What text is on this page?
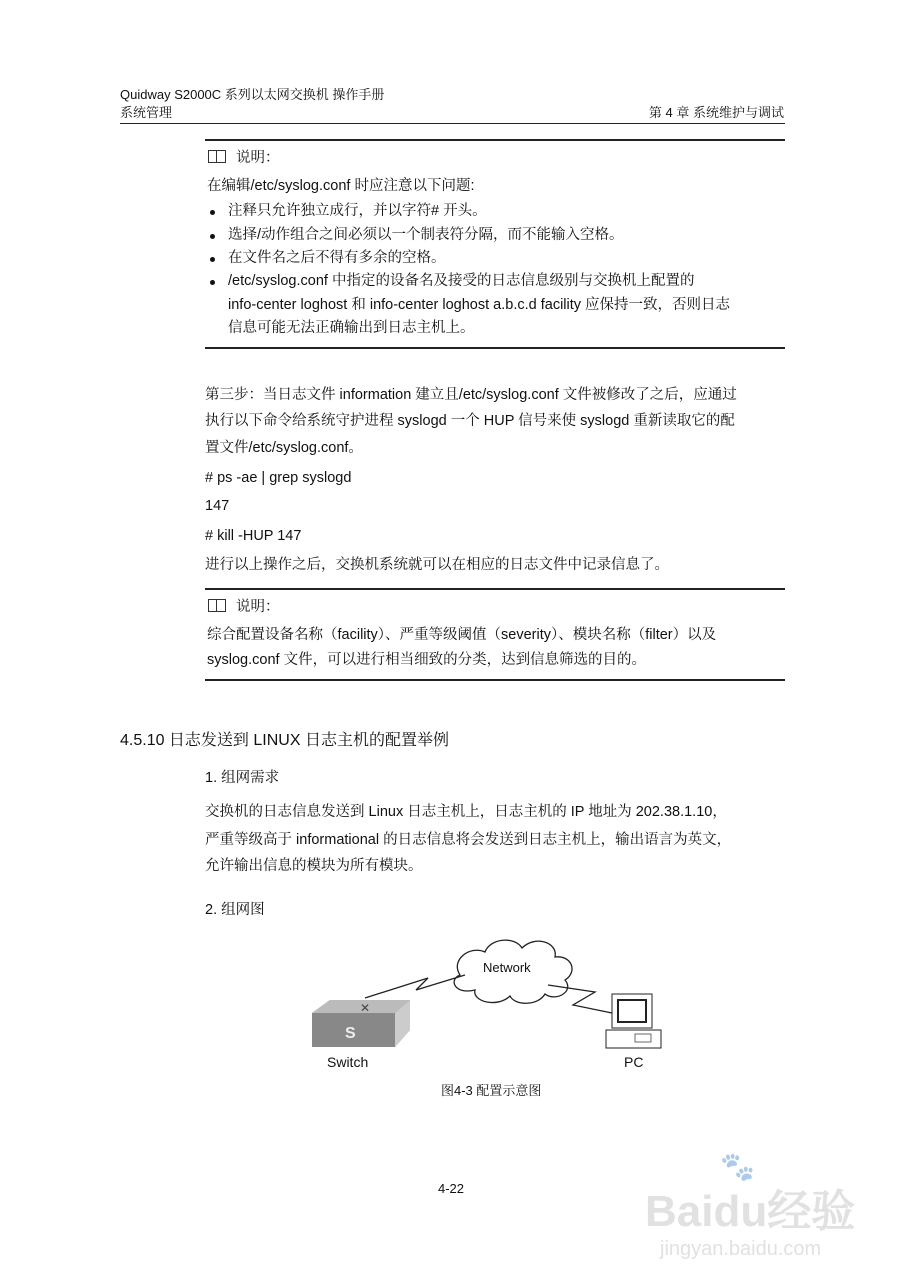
Quidway S2000C 系列以太网交换机 操作手册
系统管理	第 4 章 系统维护与调试
说明：
在编辑/etc/syslog.conf 时应注意以下问题:
注释只允许独立成行，并以字符# 开头。
选择/动作组合之间必须以一个制表符分隔，而不能输入空格。
在文件名之后不得有多余的空格。
/etc/syslog.conf 中指定的设备名及接受的日志信息级别与交换机上配置的
info-center loghost 和 info-center loghost a.b.c.d facility 应保持一致，否则日志
信息可能无法正确输出到日志主机上。
第三步：当日志文件 information 建立且/etc/syslog.conf 文件被修改了之后，应通过
执行以下命令给系统守护进程 syslogd 一个 HUP 信号来使 syslogd 重新读取它的配
置文件/etc/syslog.conf。
# ps -ae | grep syslogd
147
# kill -HUP 147
进行以上操作之后，交换机系统就可以在相应的日志文件中记录信息了。
说明：
综合配置设备名称（facility）、严重等级阈值（severity）、模块名称（filter）以及
syslog.conf 文件，可以进行相当细致的分类，达到信息筛选的目的。
4.5.10 日志发送到 LINUX 日志主机的配置举例
1. 组网需求
交换机的日志信息发送到 Linux 日志主机上，日志主机的 IP 地址为 202.38.1.10，
严重等级高于 informational 的日志信息将会发送到日志主机上，输出语言为英文，
允许输出信息的模块为所有模块。
2. 组网图
S
✕
Network
Switch	PC
图4-3 配置示意图
4-22
🐾
Baidu经验
jingyan.baidu.com
